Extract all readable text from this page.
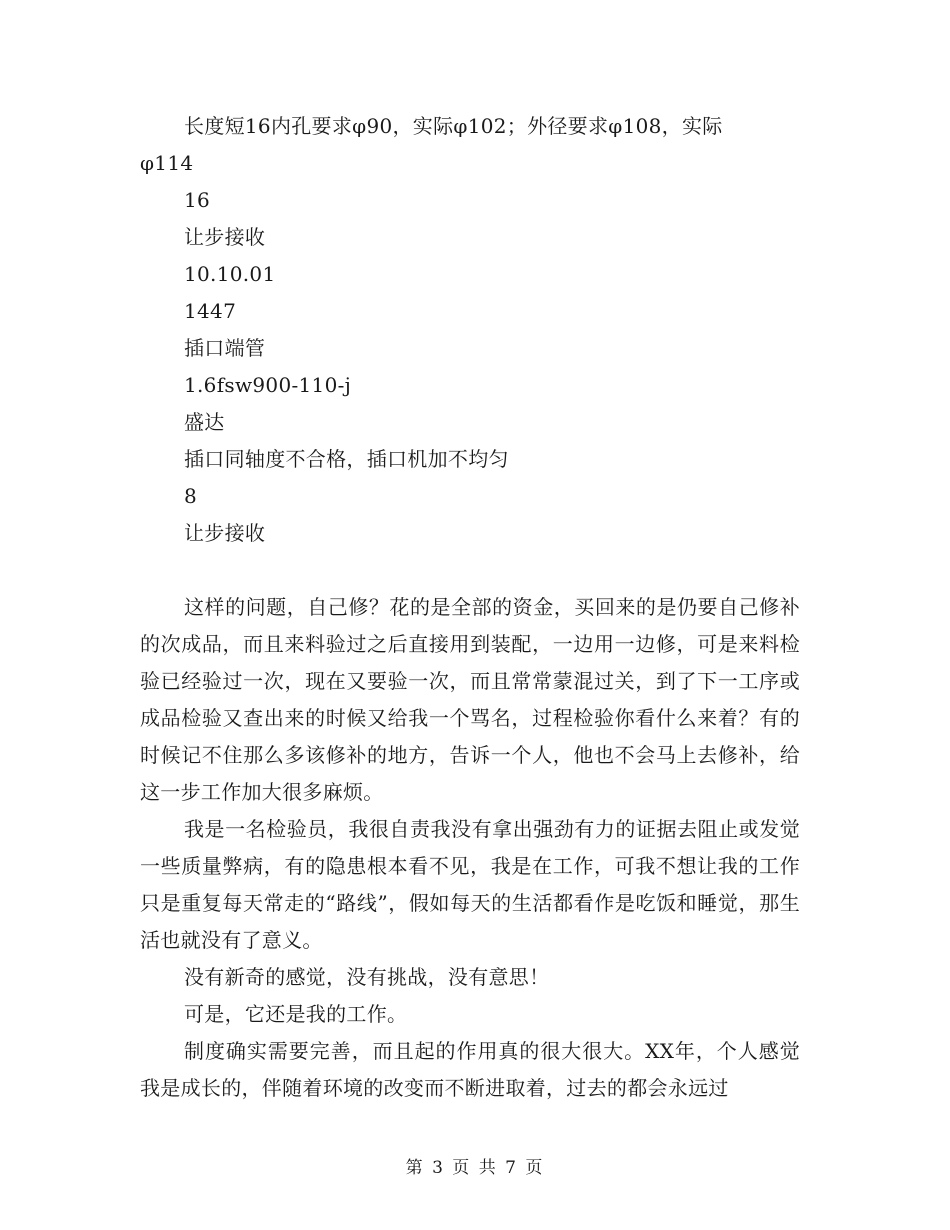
长度短16内孔要求φ90，实际φ102；外径要求φ108，实际
φ114
16
让步接收
10.10.01
1447
插口端管
1.6fsw900-110-j
盛达
插口同轴度不合格，插口机加不均匀
8
让步接收

这样的问题，自己修？花的是全部的资金，买回来的是仍要自己修补的次成品，而且来料验过之后直接用到装配，一边用一边修，可是来料检验已经验过一次，现在又要验一次，而且常常蒙混过关，到了下一工序或成品检验又查出来的时候又给我一个骂名，过程检验你看什么来着？有的时候记不住那么多该修补的地方，告诉一个人，他也不会马上去修补，给这一步工作加大很多麻烦。

我是一名检验员，我很自责我没有拿出强劲有力的证据去阻止或发觉一些质量弊病，有的隐患根本看不见，我是在工作，可我不想让我的工作只是重复每天常走的“路线”，假如每天的生活都看作是吃饭和睡觉，那生活也就没有了意义。

没有新奇的感觉，没有挑战，没有意思！

可是，它还是我的工作。

制度确实需要完善，而且起的作用真的很大很大。XX年，个人感觉我是成长的，伴随着环境的改变而不断进取着，过去的都会永远过

第 3 页 共 7 页
